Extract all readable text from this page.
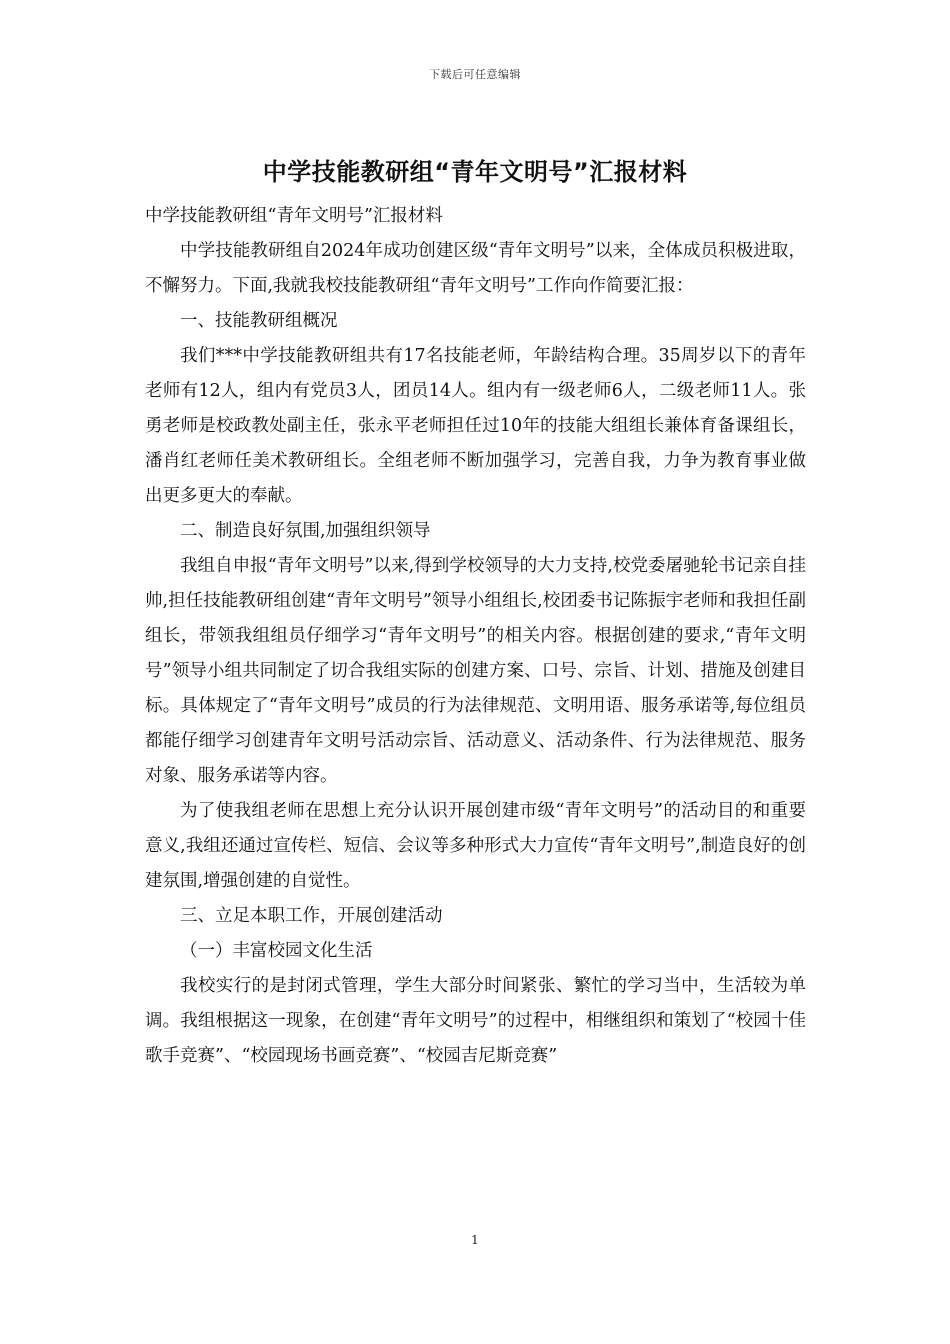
下载后可任意编辑
中学技能教研组“青年文明号”汇报材料

中学技能教研组“青年文明号”汇报材料

中学技能教研组自2024年成功创建区级“青年文明号”以来，全体成员积极进取，不懈努力。下面,我就我校技能教研组“青年文明号”工作向作简要汇报：

一、技能教研组概况

我们***中学技能教研组共有17名技能老师，年龄结构合理。35周岁以下的青年老师有12人，组内有党员3人，团员14人。组内有一级老师6人，二级老师11人。张勇老师是校政教处副主任，张永平老师担任过10年的技能大组组长兼体育备课组长，潘肖红老师任美术教研组长。全组老师不断加强学习，完善自我，力争为教育事业做出更多更大的奉献。

二、制造良好氛围,加强组织领导

我组自申报“青年文明号”以来,得到学校领导的大力支持,校党委屠驰轮书记亲自挂帅,担任技能教研组创建“青年文明号”领导小组组长,校团委书记陈振宇老师和我担任副组长，带领我组组员仔细学习“青年文明号”的相关内容。根据创建的要求,“青年文明号”领导小组共同制定了切合我组实际的创建方案、口号、宗旨、计划、措施及创建目标。具体规定了“青年文明号”成员的行为法律规范、文明用语、服务承诺等,每位组员都能仔细学习创建青年文明号活动宗旨、活动意义、活动条件、行为法律规范、服务对象、服务承诺等内容。

为了使我组老师在思想上充分认识开展创建市级“青年文明号”的活动目的和重要意义,我组还通过宣传栏、短信、会议等多种形式大力宣传“青年文明号”,制造良好的创建氛围,增强创建的自觉性。

三、立足本职工作，开展创建活动

（一）丰富校园文化生活

我校实行的是封闭式管理，学生大部分时间紧张、繁忙的学习当中，生活较为单调。我组根据这一现象，在创建“青年文明号”的过程中，相继组织和策划了“校园十佳歌手竞赛”、“校园现场书画竞赛”、“校园吉尼斯竞赛”

1
